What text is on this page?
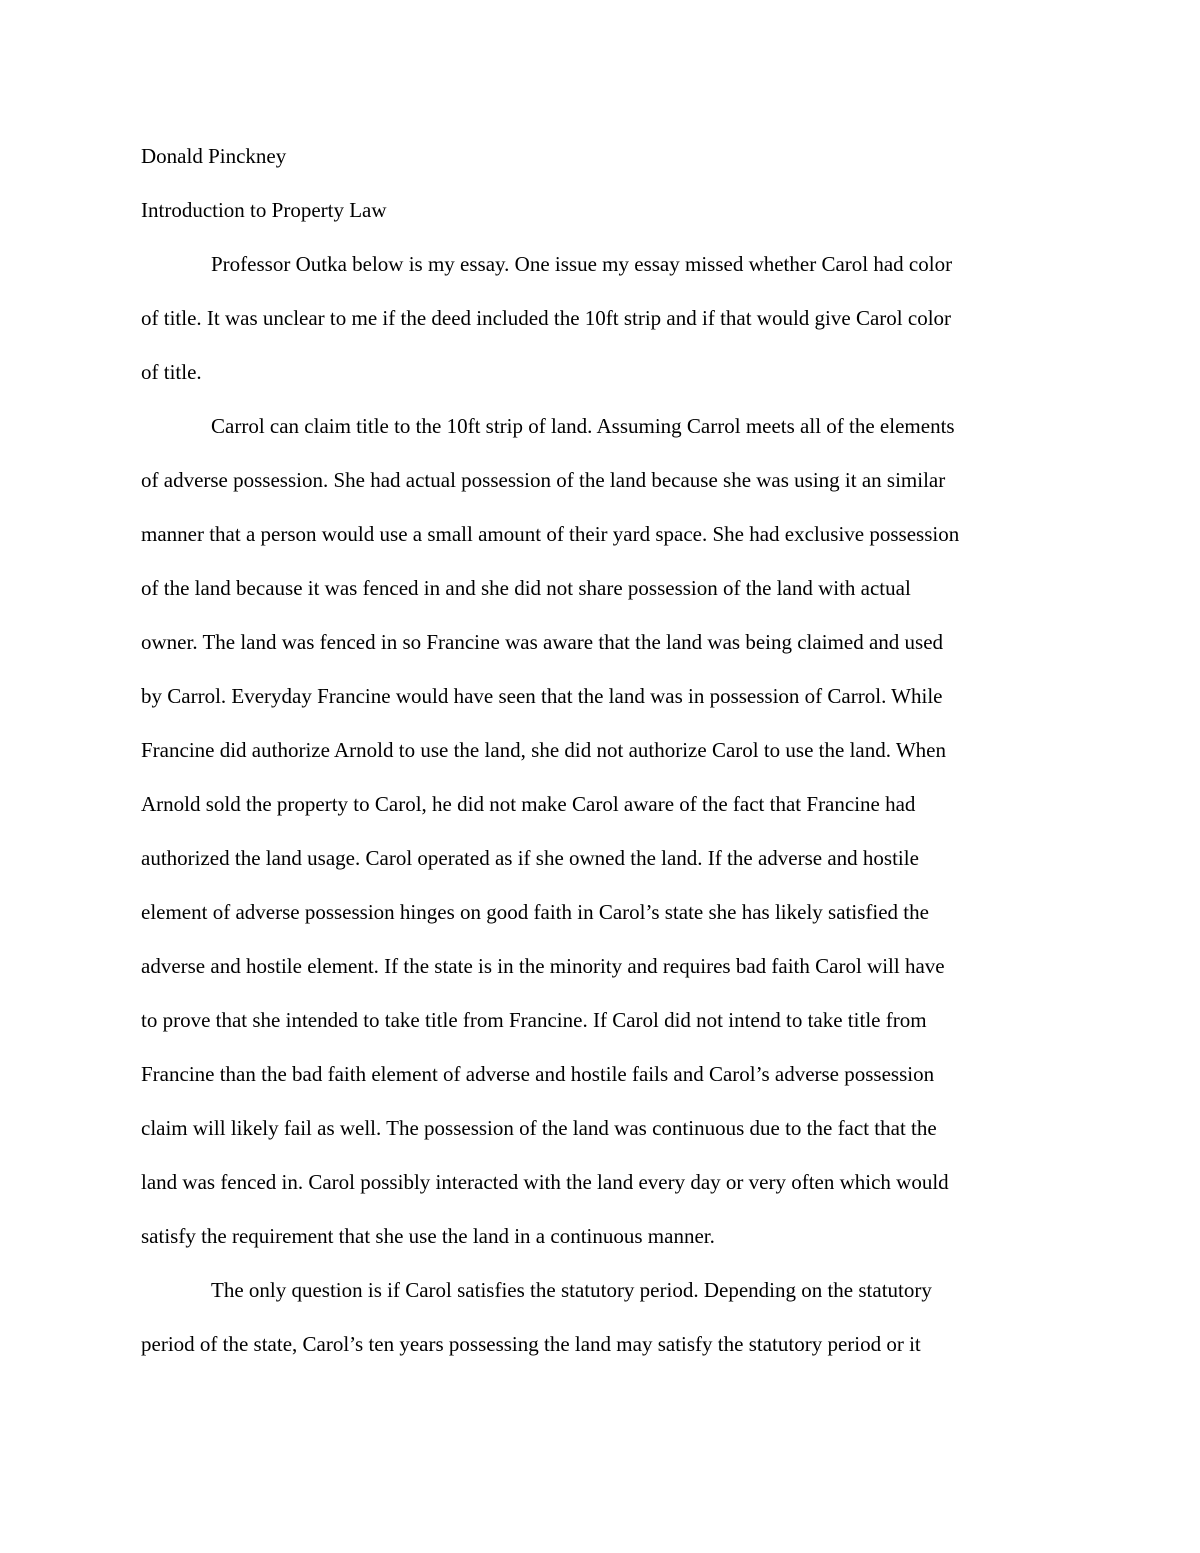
Donald Pinckney
Introduction to Property Law
Professor Outka below is my essay. One issue my essay missed whether Carol had color
of title. It was unclear to me if the deed included the 10ft strip and if that would give Carol color
of title.
Carrol can claim title to the 10ft strip of land. Assuming Carrol meets all of the elements
of adverse possession. She had actual possession of the land because she was using it an similar
manner that a person would use a small amount of their yard space. She had exclusive possession
of the land because it was fenced in and she did not share possession of the land with actual
owner. The land was fenced in so Francine was aware that the land was being claimed and used
by Carrol. Everyday Francine would have seen that the land was in possession of Carrol. While
Francine did authorize Arnold to use the land, she did not authorize Carol to use the land. When
Arnold sold the property to Carol, he did not make Carol aware of the fact that Francine had
authorized the land usage. Carol operated as if she owned the land. If the adverse and hostile
element of adverse possession hinges on good faith in Carol’s state she has likely satisfied the
adverse and hostile element. If the state is in the minority and requires bad faith Carol will have
to prove that she intended to take title from Francine. If Carol did not intend to take title from
Francine than the bad faith element of adverse and hostile fails and Carol’s adverse possession
claim will likely fail as well. The possession of the land was continuous due to the fact that the
land was fenced in. Carol possibly interacted with the land every day or very often which would
satisfy the requirement that she use the land in a continuous manner.
The only question is if Carol satisfies the statutory period. Depending on the statutory
period of the state, Carol’s ten years possessing the land may satisfy the statutory period or it
